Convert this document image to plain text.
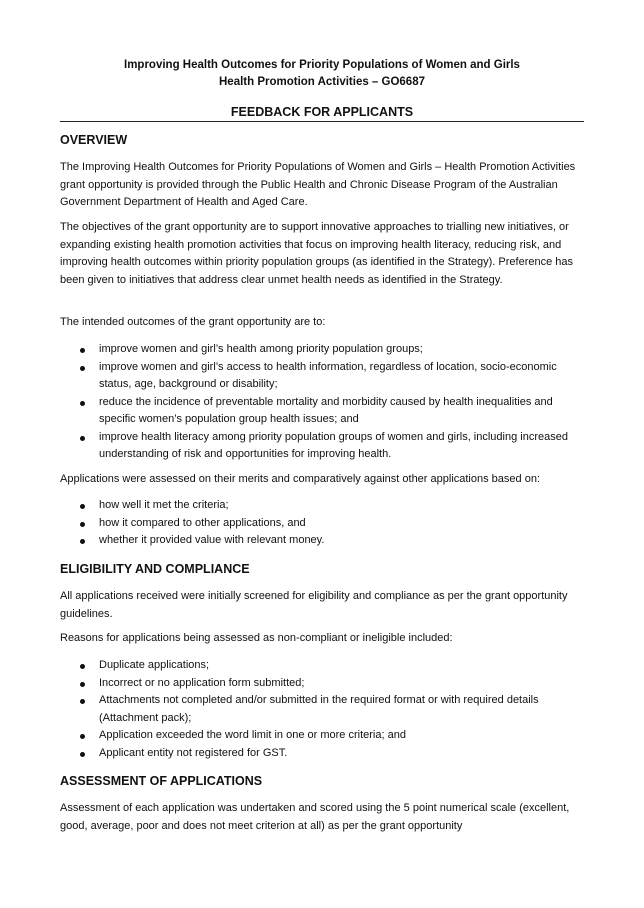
Improving Health Outcomes for Priority Populations of Women and Girls

Health Promotion Activities – GO6687

FEEDBACK FOR APPLICANTS

OVERVIEW

The Improving Health Outcomes for Priority Populations of Women and Girls – Health Promotion Activities grant opportunity is provided through the Public Health and Chronic Disease Program of the Australian Government Department of Health and Aged Care.

The objectives of the grant opportunity are to support innovative approaches to trialling new initiatives, or expanding existing health promotion activities that focus on improving health literacy, reducing risk, and improving health outcomes within priority population groups (as identified in the Strategy). Preference has been given to initiatives that address clear unmet health needs as identified in the Strategy.

The intended outcomes of the grant opportunity are to:

improve women and girl’s health among priority population groups;
improve women and girl’s access to health information, regardless of location, socio-economic status, age, background or disability;
reduce the incidence of preventable mortality and morbidity caused by health inequalities and specific women’s population group health issues; and
improve health literacy among priority population groups of women and girls, including increased understanding of risk and opportunities for improving health.

Applications were assessed on their merits and comparatively against other applications based on:

how well it met the criteria;
how it compared to other applications, and
whether it provided value with relevant money.
ELIGIBILITY AND COMPLIANCE

All applications received were initially screened for eligibility and compliance as per the grant opportunity guidelines.

Reasons for applications being assessed as non-compliant or ineligible included:

Duplicate applications;
Incorrect or no application form submitted;
Attachments not completed and/or submitted in the required format or with required details (Attachment pack);
Application exceeded the word limit in one or more criteria; and
Applicant entity not registered for GST.
ASSESSMENT OF APPLICATIONS

Assessment of each application was undertaken and scored using the 5 point numerical scale (excellent, good, average, poor and does not meet criterion at all) as per the grant opportunity
